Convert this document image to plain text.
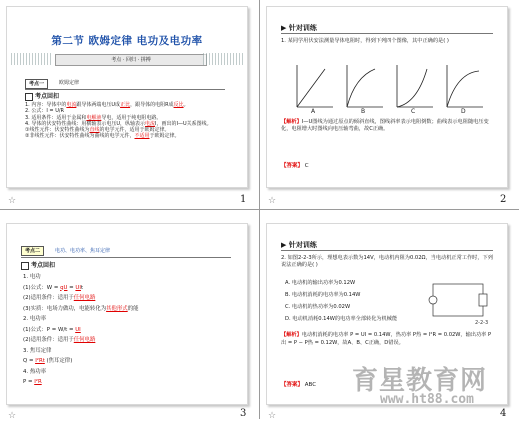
第二节 欧姆定律 电功及电功率
考点 · 回归 · 拼搏
考点一	欧姆定律
考点回扣
1. 内容：导体中的电流跟导体两端电压U成正比，跟导体的电阻R成反比。
2. 公式：I = U/R
3. 适用条件：适用于金属和电解液导电，适用于纯电阻电路。
4. 导体的伏安特性曲线：用横轴表示电压U，纵轴表示电流I，画出的I—U关系图线。
①线性元件：伏安特性曲线为直线的电学元件，适用于欧姆定律。
②非线性元件：伏安特性曲线为曲线的电学元件，不适用于欧姆定律。
☆	1
▶ 针对训练
1. 某同学用伏安法测量导体电阻时，得到下列四个图像，其中正确的是( )
A	B	C	D
【解析】I—U图线为通过原点的倾斜直线，图线斜率表示电阻倒数；曲线表示电阻随电压变化，电阻增大时图线向电压轴弯曲，故C正确。
【答案】 C
☆	2
考点二	电功、电功率、焦耳定律
考点回扣
1. 电功
(1)公式：W = qU = UIt
(2)适用条件：适用于任何电路
(3)实质：电场力做功，电能转化为其他形式的能
2. 电功率
(1)公式：P = W/t = UI
(2)适用条件：适用于任何电路
3. 焦耳定律
Q = I²Rt (焦耳定律)
4. 热功率
P = I²R
☆	3
▶ 针对训练
2. 如图2-2-3所示，理想电表示数为14V，电动机内阻为0.02Ω，当电动机正常工作时，下列说法正确的是( )
A. 电动机的输出功率为0.12W
B. 电动机消耗的电功率为0.14W
C. 电动机的热功率为0.02W
D. 电动机消耗0.14W的电功率全部转化为机械能
2-2-3
【解析】电动机消耗的电功率 P = UI = 0.14W，热功率 P热 = I²R = 0.02W，输出功率 P出 = P − P热 = 0.12W，故A、B、C正确，D错误。
【答案】 ABC
☆	4
育星教育网
www.ht88.com
